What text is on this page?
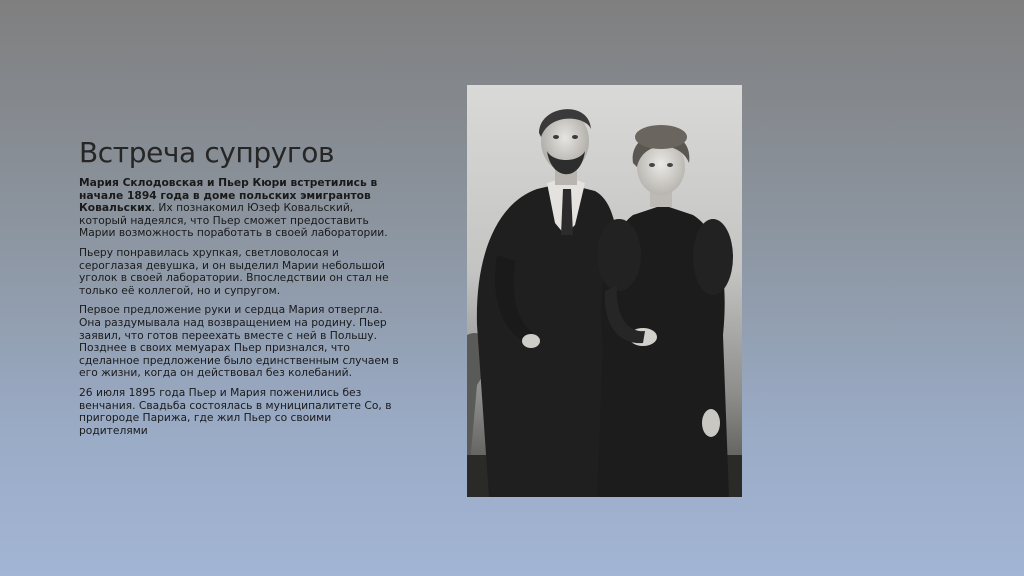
Встреча супругов

Мария Склодовская и Пьер Кюри встретились в начале 1894 года в доме польских эмигрантов Ковальских. Их познакомил Юзеф Ковальский, который надеялся, что Пьер сможет предоставить Марии возможность поработать в своей лаборатории.

Пьеру понравилась хрупкая, светловолосая и сероглазая девушка, и он выделил Марии небольшой уголок в своей лаборатории. Впоследствии он стал не только её коллегой, но и супругом.

Первое предложение руки и сердца Мария отвергла. Она раздумывала над возвращением на родину. Пьер заявил, что готов переехать вместе с ней в Польшу. Позднее в своих мемуарах Пьер признался, что сделанное предложение было единственным случаем в его жизни, когда он действовал без колебаний.

26 июля 1895 года Пьер и Мария поженились без венчания. Свадьба состоялась в муниципалитете Со, в пригороде Парижа, где жил Пьер со своими родителями
